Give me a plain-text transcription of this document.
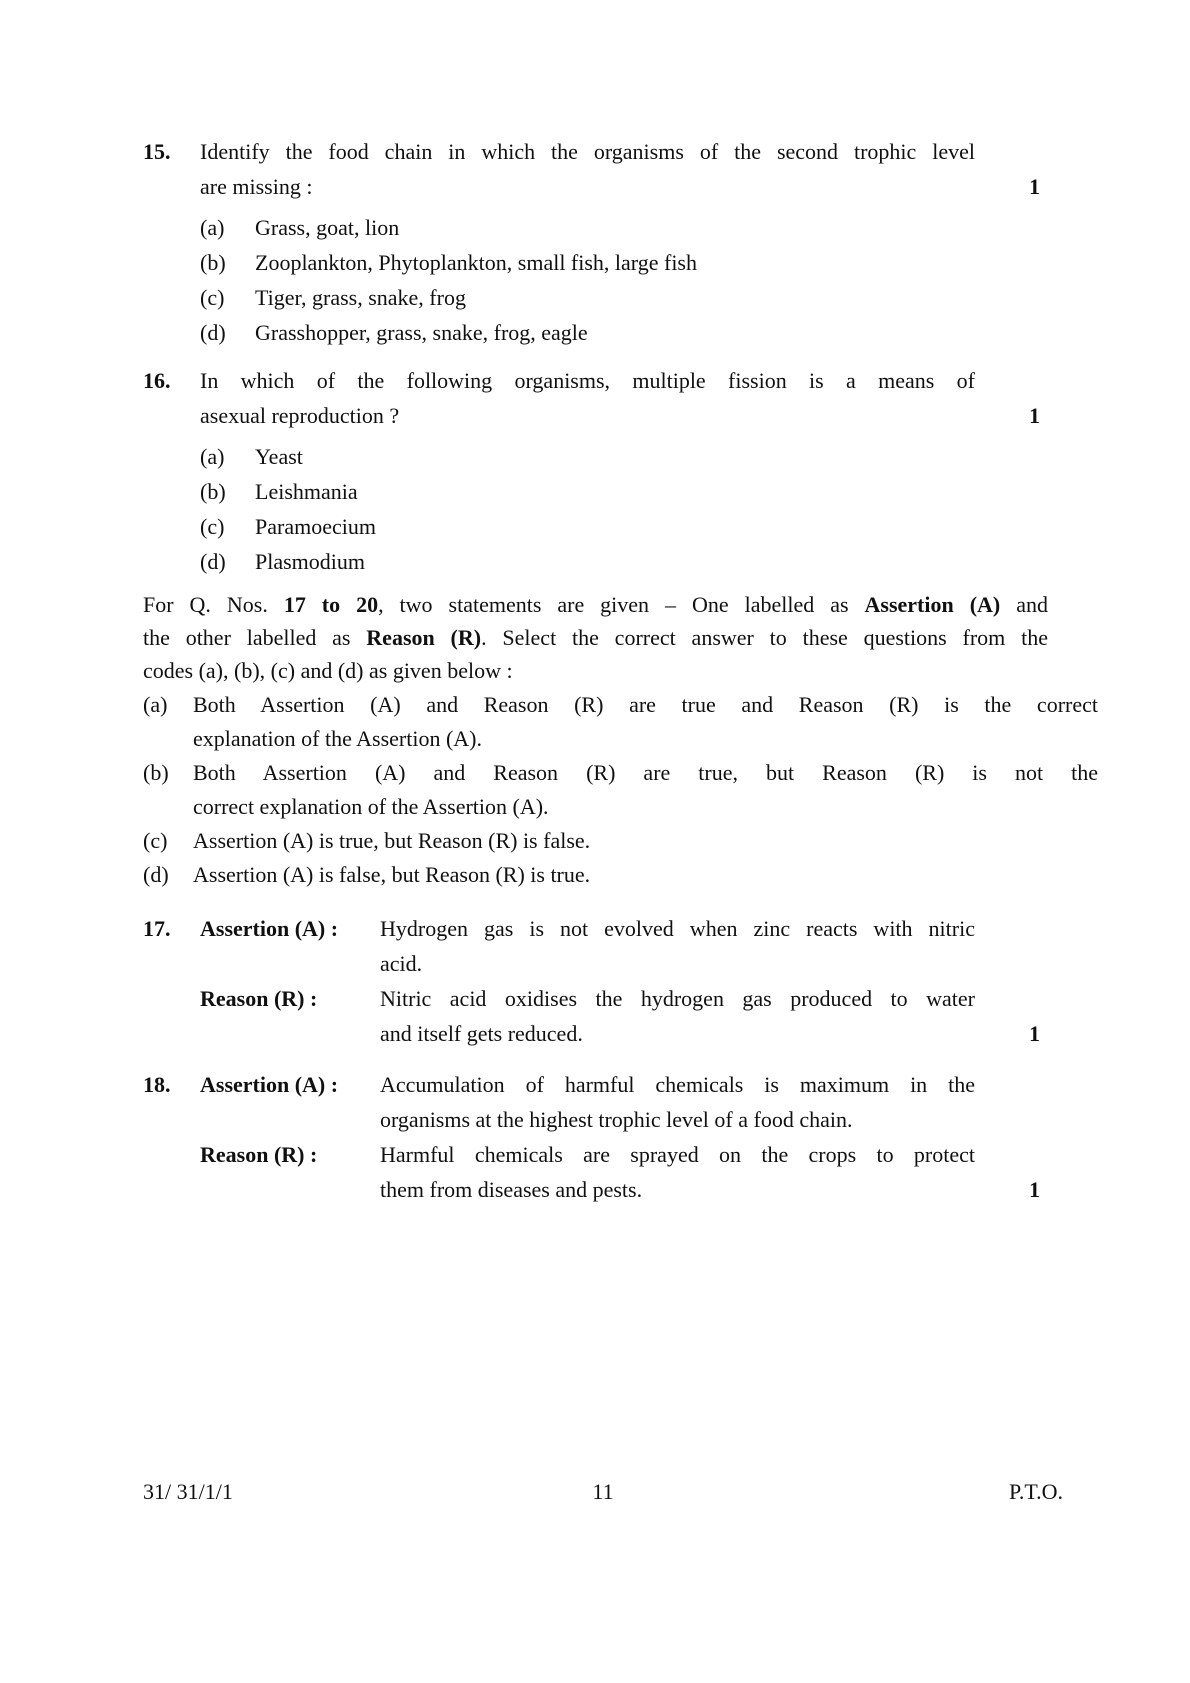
15.	Identify the food chain in which the organisms of the second trophic level
are missing :
(a)	Grass, goat, lion
(b)	Zooplankton, Phytoplankton, small fish, large fish
(c)	Tiger, grass, snake, frog
(d)	Grasshopper, grass, snake, frog, eagle
1
16.	In which of the following organisms, multiple fission is a means of
asexual reproduction ?
(a)	Yeast
(b)	Leishmania
(c)	Paramoecium
(d)	Plasmodium
1
For Q. Nos. 17 to 20, two statements are given – One labelled as Assertion (A) and
the other labelled as Reason (R). Select the correct answer to these questions from the
codes (a), (b), (c) and (d) as given below :
(a)	Both Assertion (A) and Reason (R) are true and Reason (R) is the correct
explanation of the Assertion (A).
(b)	Both Assertion (A) and Reason (R) are true, but Reason (R) is not the
correct explanation of the Assertion (A).
(c)	Assertion (A) is true, but Reason (R) is false.
(d)	Assertion (A) is false, but Reason (R) is true.
17.	Assertion (A) :	Hydrogen gas is not evolved when zinc reacts with nitric
acid.
Reason (R) :	Nitric acid oxidises the hydrogen gas produced to water
and itself gets reduced.	1
18.	Assertion (A) :	Accumulation of harmful chemicals is maximum in the
organisms at the highest trophic level of a food chain.
Reason (R) :	Harmful chemicals are sprayed on the crops to protect
them from diseases and pests.	1
31/ 31/1/1	11	P.T.O.
